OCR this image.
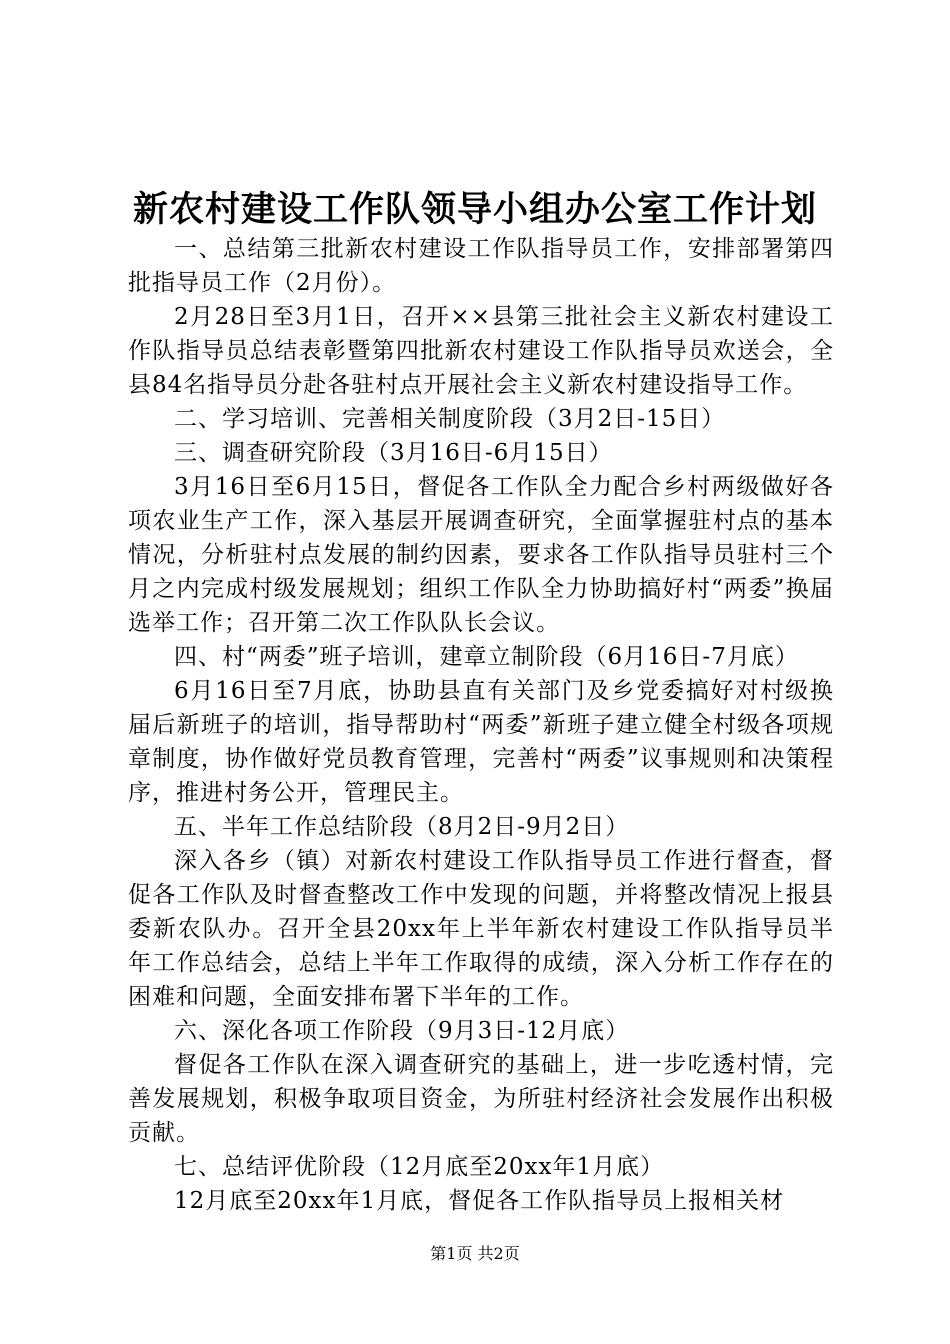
新农村建设工作队领导小组办公室工作计划

一、总结第三批新农村建设工作队指导员工作，安排部署第四批指导员工作（2月份）。

2月28日至3月1日，召开××县第三批社会主义新农村建设工作队指导员总结表彰暨第四批新农村建设工作队指导员欢送会，全县84名指导员分赴各驻村点开展社会主义新农村建设指导工作。

二、学习培训、完善相关制度阶段（3月2日-15日）

三、调查研究阶段（3月16日-6月15日）

3月16日至6月15日，督促各工作队全力配合乡村两级做好各项农业生产工作，深入基层开展调查研究，全面掌握驻村点的基本情况，分析驻村点发展的制约因素，要求各工作队指导员驻村三个月之内完成村级发展规划；组织工作队全力协助搞好村“两委”换届选举工作；召开第二次工作队队长会议。

四、村“两委”班子培训，建章立制阶段（6月16日-7月底）

6月16日至7月底，协助县直有关部门及乡党委搞好对村级换届后新班子的培训，指导帮助村“两委”新班子建立健全村级各项规章制度，协作做好党员教育管理，完善村“两委”议事规则和决策程序，推进村务公开，管理民主。

五、半年工作总结阶段（8月2日-9月2日）

深入各乡（镇）对新农村建设工作队指导员工作进行督查，督促各工作队及时督查整改工作中发现的问题，并将整改情况上报县委新农队办。召开全县20xx年上半年新农村建设工作队指导员半年工作总结会，总结上半年工作取得的成绩，深入分析工作存在的困难和问题，全面安排布署下半年的工作。

六、深化各项工作阶段（9月3日-12月底）

督促各工作队在深入调查研究的基础上，进一步吃透村情，完善发展规划，积极争取项目资金，为所驻村经济社会发展作出积极贡献。

七、总结评优阶段（12月底至20xx年1月底）

12月底至20xx年1月底，督促各工作队指导员上报相关材

第1页 共2页
